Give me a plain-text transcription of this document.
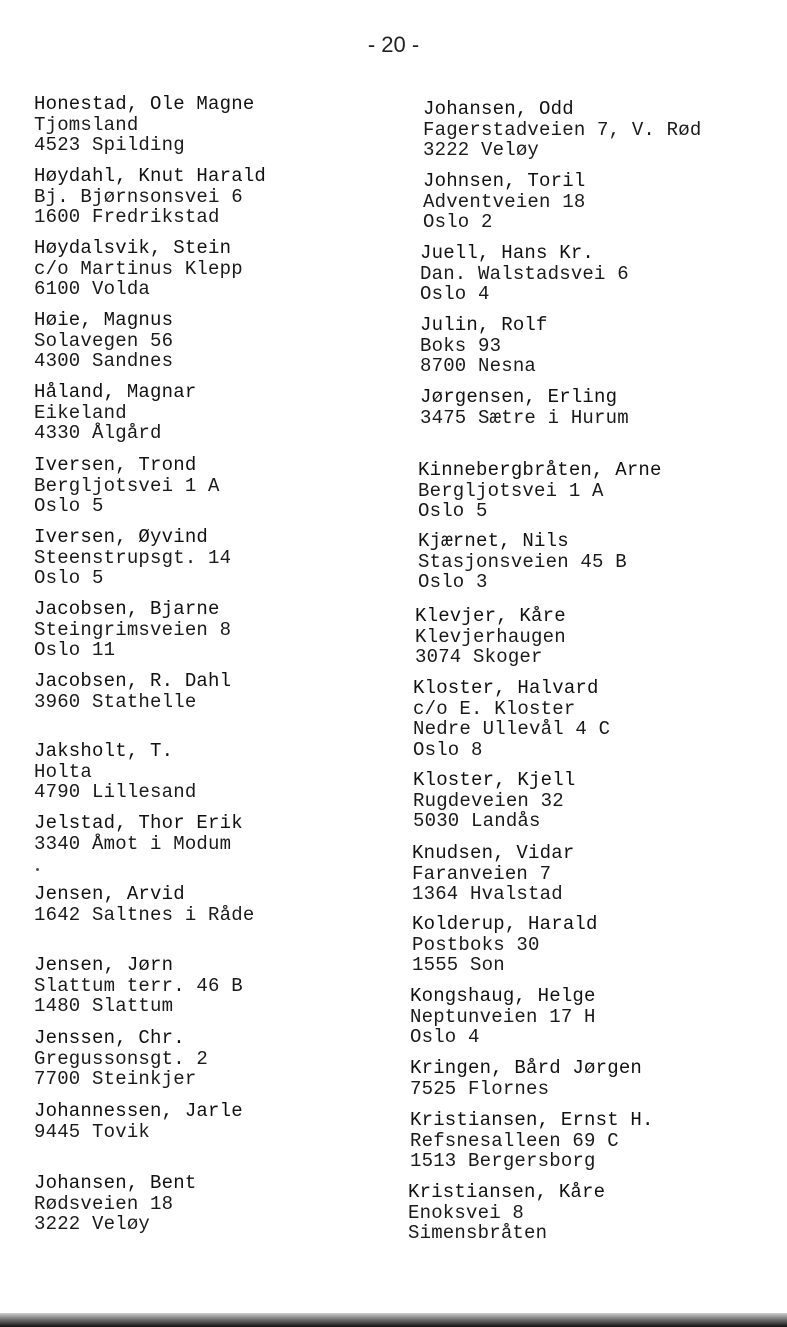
- 20 -
Honestad, Ole Magne
Tjomsland
4523 Spilding
Høydahl, Knut Harald
Bj. Bjørnsonsvei 6
1600 Fredrikstad
Høydalsvik, Stein
c/o Martinus Klepp
6100 Volda
Høie, Magnus
Solavegen 56
4300 Sandnes
Håland, Magnar
Eikeland
4330 Ålgård
Iversen, Trond
Bergljotsvei 1 A
Oslo 5
Iversen, Øyvind
Steenstrupsgt. 14
Oslo 5
Jacobsen, Bjarne
Steingrimsveien 8
Oslo 11
Jacobsen, R. Dahl
3960 Stathelle
Jaksholt, T.
Holta
4790 Lillesand
Jelstad, Thor Erik
3340 Åmot i Modum
Jensen, Arvid
1642 Saltnes i Råde
Jensen, Jørn
Slattum terr. 46 B
1480 Slattum
Jenssen, Chr.
Gregussonsgt. 2
7700 Steinkjer
Johannessen, Jarle
9445 Tovik
Johansen, Bent
Rødsveien 18
3222 Veløy
Johansen, Odd
Fagerstadveien 7, V. Rød
3222 Veløy
Johnsen, Toril
Adventveien 18
Oslo 2
Juell, Hans Kr.
Dan. Walstadsvei 6
Oslo 4
Julin, Rolf
Boks 93
8700 Nesna
Jørgensen, Erling
3475 Sætre i Hurum
Kinnebergbråten, Arne
Bergljotsvei 1 A
Oslo 5
Kjærnet, Nils
Stasjonsveien 45 B
Oslo 3
Klevjer, Kåre
Klevjerhaugen
3074 Skoger
Kloster, Halvard
c/o E. Kloster
Nedre Ullevål 4 C
Oslo 8
Kloster, Kjell
Rugdeveien 32
5030 Landås
Knudsen, Vidar
Faranveien 7
1364 Hvalstad
Kolderup, Harald
Postboks 30
1555 Son
Kongshaug, Helge
Neptunveien 17 H
Oslo 4
Kringen, Bård Jørgen
7525 Flornes
Kristiansen, Ernst H.
Refsnesalleen 69 C
1513 Bergersborg
Kristiansen, Kåre
Enoksvei 8
Simensbråten
